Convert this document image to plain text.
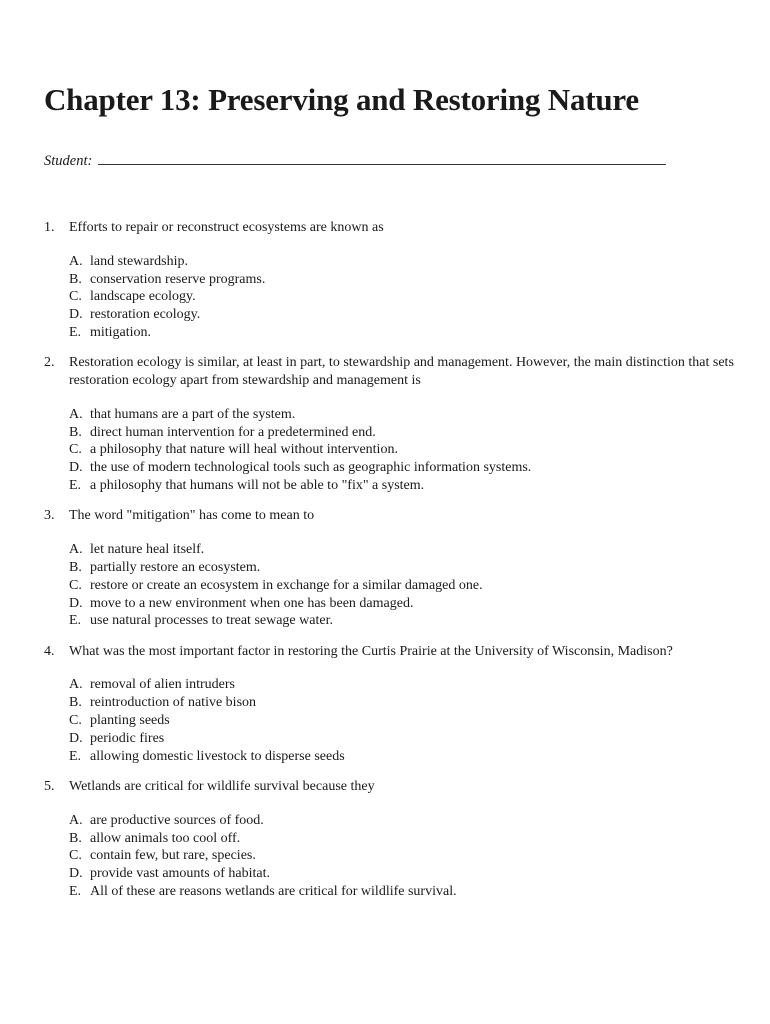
Chapter 13: Preserving and Restoring Nature
Student:
1.	Efforts to repair or reconstruct ecosystems are known as
A. land stewardship.
B. conservation reserve programs.
C. landscape ecology.
D. restoration ecology.
E. mitigation.
2.	Restoration ecology is similar, at least in part, to stewardship and management. However, the main distinction that sets restoration ecology apart from stewardship and management is
A. that humans are a part of the system.
B. direct human intervention for a predetermined end.
C. a philosophy that nature will heal without intervention.
D. the use of modern technological tools such as geographic information systems.
E. a philosophy that humans will not be able to "fix" a system.
3.	The word "mitigation" has come to mean to
A. let nature heal itself.
B. partially restore an ecosystem.
C. restore or create an ecosystem in exchange for a similar damaged one.
D. move to a new environment when one has been damaged.
E. use natural processes to treat sewage water.
4.	What was the most important factor in restoring the Curtis Prairie at the University of Wisconsin, Madison?
A. removal of alien intruders
B. reintroduction of native bison
C. planting seeds
D. periodic fires
E. allowing domestic livestock to disperse seeds
5.	Wetlands are critical for wildlife survival because they
A. are productive sources of food.
B. allow animals too cool off.
C. contain few, but rare, species.
D. provide vast amounts of habitat.
E. All of these are reasons wetlands are critical for wildlife survival.
